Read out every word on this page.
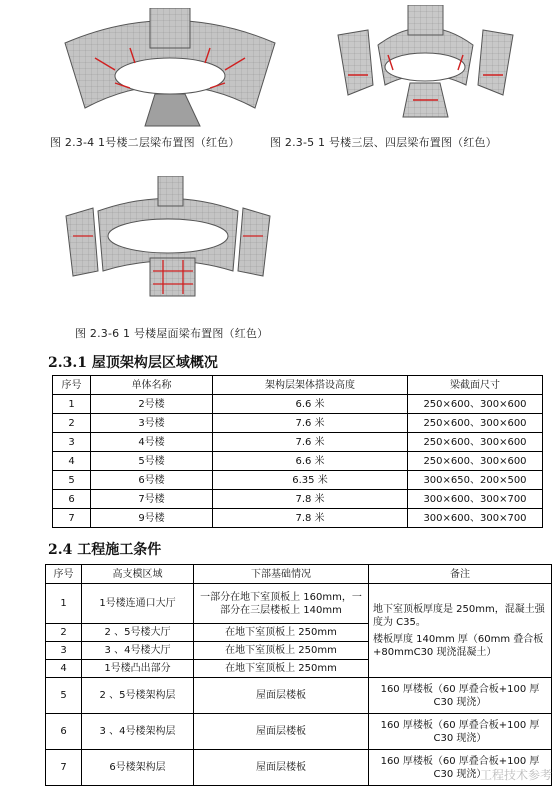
图 2.3-4 1号楼二层梁布置图（红色）	图 2.3-5 1 号楼三层、四层梁布置图（红色）
图 2.3-6 1 号楼屋面梁布置图（红色）
2.3.1 屋顶架构层区域概况
序号	单体名称	架构层架体搭设高度	梁截面尺寸
1	2号楼	6.6 米	250×600、300×600
2	3号楼	7.6 米	250×600、300×600
3	4号楼	7.6 米	250×600、300×600
4	5号楼	6.6 米	250×600、300×600
5	6号楼	6.35 米	300×650、200×500
6	7号楼	7.8 米	300×600、300×700
7	9号楼	7.8 米	300×600、300×700
2.4 工程施工条件
序号	高支模区域	下部基础情况	备注
1	1号楼连通口大厅	一部分在地下室顶板上 160mm，一部分在三层楼板上 140mm	地下室顶板厚度是 250mm，混凝土强度为 C35。
楼板厚度 140mm 厚（60mm 叠合板+80mmC30 现浇混凝土）

2	2 、5号楼大厅	在地下室顶板上 250mm	
3	3 、4号楼大厅	在地下室顶板上 250mm	
4	1号楼凸出部分	在地下室顶板上 250mm	
5	2 、5号楼架构层	屋面层楼板	160 厚楼板（60 厚叠合板+100 厚 C30 现浇）
6	3 、4号楼架构层	屋面层楼板	160 厚楼板（60 厚叠合板+100 厚 C30 现浇）
7	6号楼架构层	屋面层楼板	160 厚楼板（60 厚叠合板+100 厚 C30 现浇）
工程技术参考
